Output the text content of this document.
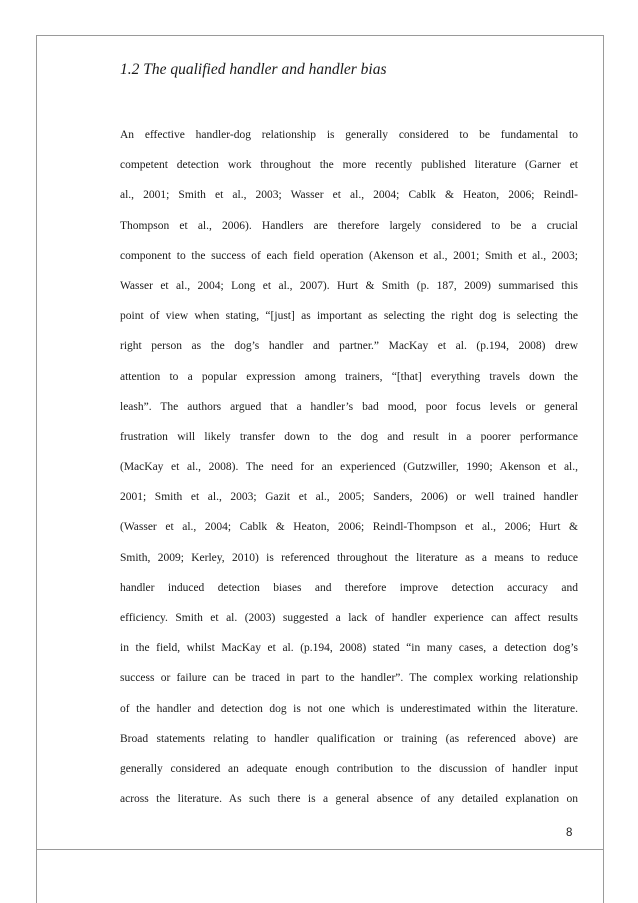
1.2 The qualified handler and handler bias
An effective handler-dog relationship is generally considered to be fundamental to
competent detection work throughout the more recently published literature (Garner et
al., 2001; Smith et al., 2003; Wasser et al., 2004; Cablk & Heaton, 2006; Reindl-
Thompson et al., 2006). Handlers are therefore largely considered to be a crucial
component to the success of each field operation (Akenson et al., 2001; Smith et al., 2003;
Wasser et al., 2004; Long et al., 2007). Hurt & Smith (p. 187, 2009) summarised this
point of view when stating, “[just] as important as selecting the right dog is selecting the
right person as the dog’s handler and partner.” MacKay et al. (p.194, 2008) drew
attention to a popular expression among trainers, “[that] everything travels down the
leash”. The authors argued that a handler’s bad mood, poor focus levels or general
frustration will likely transfer down to the dog and result in a poorer performance
(MacKay et al., 2008). The need for an experienced (Gutzwiller, 1990; Akenson et al.,
2001; Smith et al., 2003; Gazit et al., 2005; Sanders, 2006) or well trained handler
(Wasser et al., 2004; Cablk & Heaton, 2006; Reindl-Thompson et al., 2006; Hurt &
Smith, 2009; Kerley, 2010) is referenced throughout the literature as a means to reduce
handler induced detection biases and therefore improve detection accuracy and
efficiency. Smith et al. (2003) suggested a lack of handler experience can affect results
in the field, whilst MacKay et al. (p.194, 2008) stated “in many cases, a detection dog’s
success or failure can be traced in part to the handler”. The complex working relationship
of the handler and detection dog is not one which is underestimated within the literature.
Broad statements relating to handler qualification or training (as referenced above) are
generally considered an adequate enough contribution to the discussion of handler input
across the literature. As such there is a general absence of any detailed explanation on
8
